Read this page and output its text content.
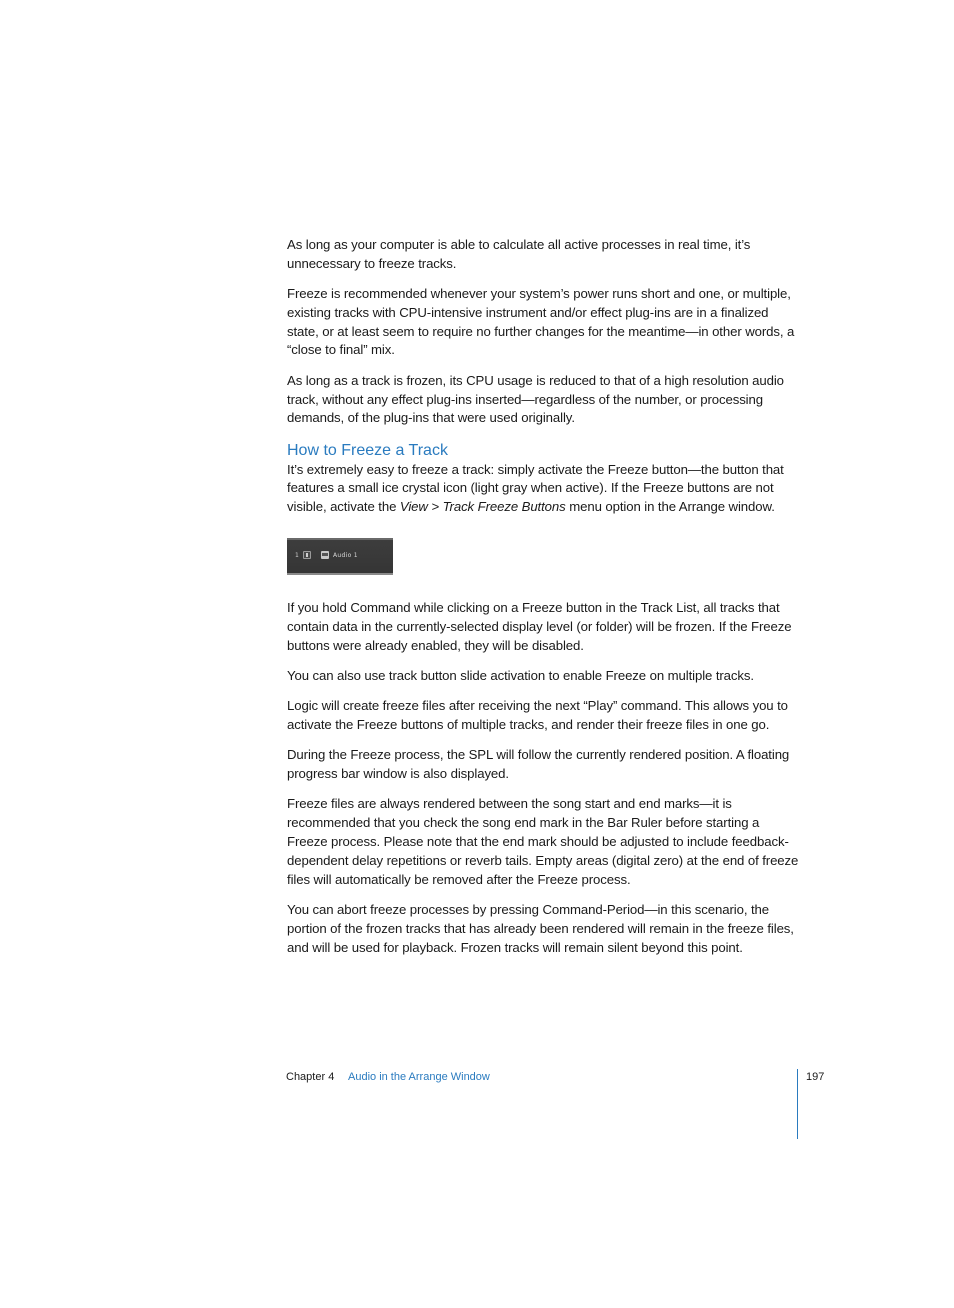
As long as your computer is able to calculate all active processes in real time, it’s unnecessary to freeze tracks.

Freeze is recommended whenever your system’s power runs short and one, or multiple, existing tracks with CPU-intensive instrument and/or effect plug-ins are in a finalized state, or at least seem to require no further changes for the meantime—in other words, a “close to final” mix.

As long as a track is frozen, its CPU usage is reduced to that of a high resolution audio track, without any effect plug-ins inserted—regardless of the number, or processing demands, of the plug-ins that were used originally.

How to Freeze a Track

It’s extremely easy to freeze a track: simply activate the Freeze button—the button that features a small ice crystal icon (light gray when active). If the Freeze buttons are not visible, activate the View > Track Freeze Buttons menu option in the Arrange window.

1	Audio 1

If you hold Command while clicking on a Freeze button in the Track List, all tracks that contain data in the currently-selected display level (or folder) will be frozen. If the Freeze buttons were already enabled, they will be disabled.

You can also use track button slide activation to enable Freeze on multiple tracks.

Logic will create freeze files after receiving the next “Play” command. This allows you to activate the Freeze buttons of multiple tracks, and render their freeze files in one go.

During the Freeze process, the SPL will follow the currently rendered position. A floating progress bar window is also displayed.

Freeze files are always rendered between the song start and end marks—it is recommended that you check the song end mark in the Bar Ruler before starting a Freeze process. Please note that the end mark should be adjusted to include feedback-dependent delay repetitions or reverb tails. Empty areas (digital zero) at the end of freeze files will automatically be removed after the Freeze process.

You can abort freeze processes by pressing Command-Period—in this scenario, the portion of the frozen tracks that has already been rendered will remain in the freeze files, and will be used for playback. Frozen tracks will remain silent beyond this point.

Chapter 4 Audio in the Arrange Window	197
